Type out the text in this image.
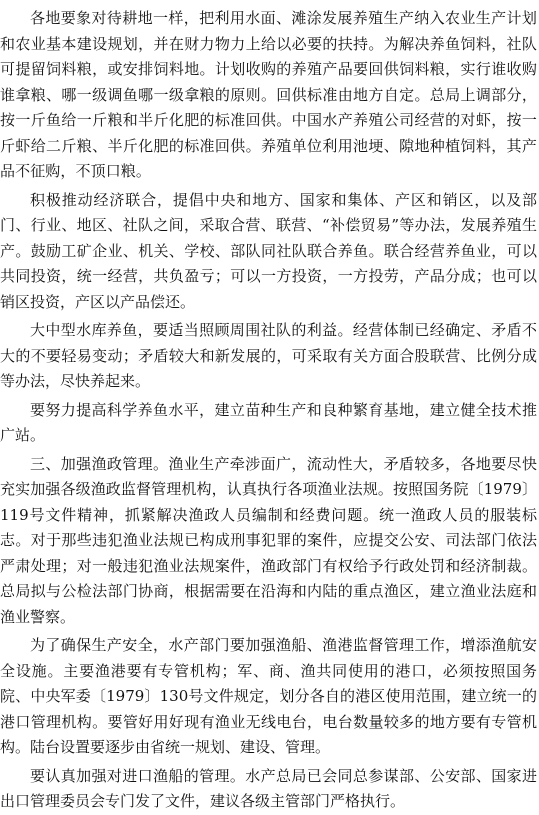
各地要象对待耕地一样，把利用水面、滩涂发展养殖生产纳入农业生产计划和农业基本建设规划，并在财力物力上给以必要的扶持。为解决养鱼饲料，社队可提留饲料粮，或安排饲料地。计划收购的养殖产品要回供饲料粮，实行谁收购谁拿粮、哪一级调鱼哪一级拿粮的原则。回供标准由地方自定。总局上调部分，按一斤鱼给一斤粮和半斤化肥的标准回供。中国水产养殖公司经营的对虾，按一斤虾给二斤粮、半斤化肥的标准回供。养殖单位利用池埂、隙地种植饲料，其产品不征购，不顶口粮。

积极推动经济联合，提倡中央和地方、国家和集体、产区和销区，以及部门、行业、地区、社队之间，采取合营、联营、“补偿贸易”等办法，发展养殖生产。鼓励工矿企业、机关、学校、部队同社队联合养鱼。联合经营养鱼业，可以共同投资，统一经营，共负盈亏；可以一方投资，一方投劳，产品分成；也可以销区投资，产区以产品偿还。

大中型水库养鱼，要适当照顾周围社队的利益。经营体制已经确定、矛盾不大的不要轻易变动；矛盾较大和新发展的，可采取有关方面合股联营、比例分成等办法，尽快养起来。

要努力提高科学养鱼水平，建立苗种生产和良种繁育基地，建立健全技术推广站。

三、加强渔政管理。渔业生产牵涉面广，流动性大，矛盾较多，各地要尽快充实加强各级渔政监督管理机构，认真执行各项渔业法规。按照国务院〔1979〕119号文件精神，抓紧解决渔政人员编制和经费问题。统一渔政人员的服装标志。对于那些违犯渔业法规已构成刑事犯罪的案件，应提交公安、司法部门依法严肃处理；对一般违犯渔业法规案件，渔政部门有权给予行政处罚和经济制裁。总局拟与公检法部门协商，根据需要在沿海和内陆的重点渔区，建立渔业法庭和渔业警察。

为了确保生产安全，水产部门要加强渔船、渔港监督管理工作，增添渔航安全设施。主要渔港要有专管机构；军、商、渔共同使用的港口，必须按照国务院、中央军委〔1979〕130号文件规定，划分各自的港区使用范围，建立统一的港口管理机构。要管好用好现有渔业无线电台，电台数量较多的地方要有专管机构。陆台设置要逐步由省统一规划、建设、管理。

要认真加强对进口渔船的管理。水产总局已会同总参谋部、公安部、国家进出口管理委员会专门发了文件，建议各级主管部门严格执行。
